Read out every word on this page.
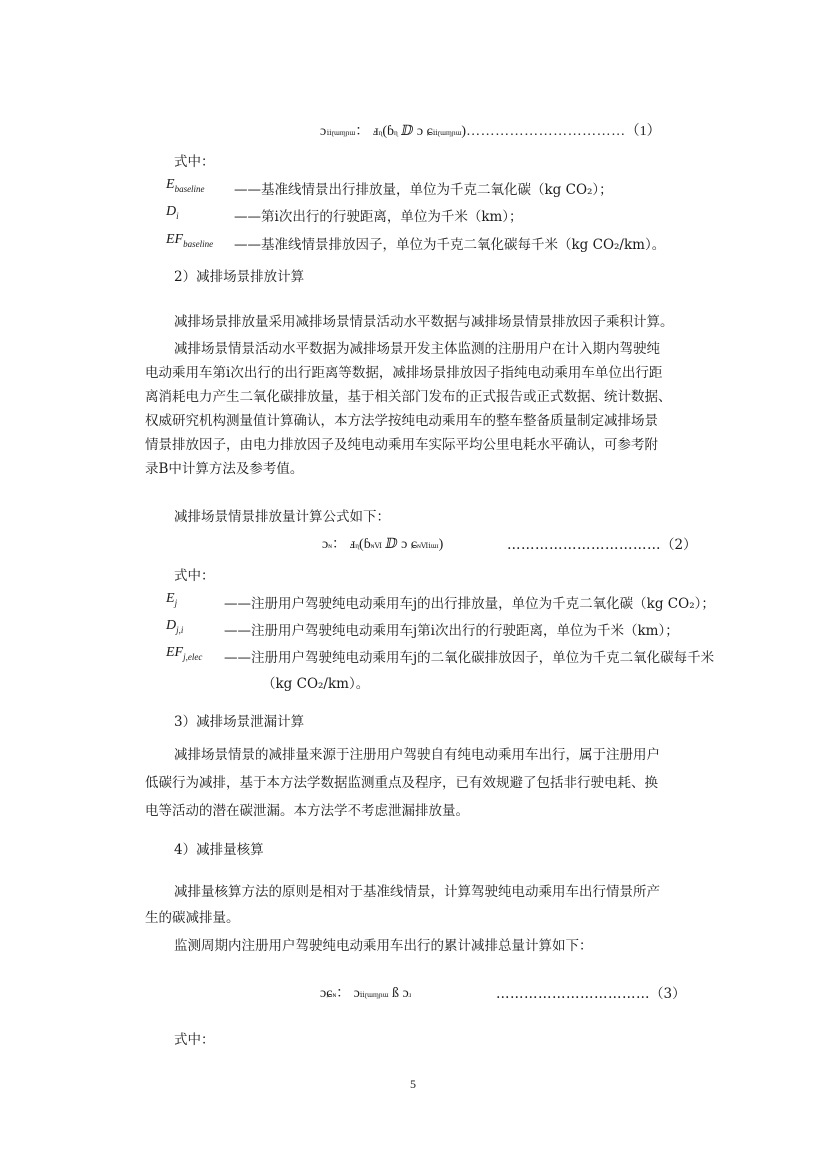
ɔⅰⅰɽɯɱɲɯ： ⅎɳ(ɓɳ ⅅ ɔ ɕⅰⅰɽɯɱɲɯ)……………………………（1）
式中：
$E_{baseline}$ ——基准线情景出行排放量，单位为千克二氧化碳（kg CO₂）；
$D_i$	——第i次出行的行驶距离，单位为千米（km）；
$EF_{baseline}$ ——基准线情景排放因子，单位为千克二氧化碳每千米（kg CO₂/km）。
2）减排场景排放计算
减排场景排放量采用减排场景情景活动水平数据与减排场景情景排放因子乘积计算。
减排场景情景活动水平数据为减排场景开发主体监测的注册用户在计入期内驾驶纯
电动乘用车第i次出行的出行距离等数据，减排场景排放因子指纯电动乘用车单位出行距
离消耗电力产生二氧化碳排放量，基于相关部门发布的正式报告或正式数据、统计数据、
权威研究机构测量值计算确认，本方法学按纯电动乘用车的整车整备质量制定减排场景
情景排放因子，由电力排放因子及纯电动乘用车实际平均公里电耗水平确认，可参考附
录B中计算方法及参考值。
减排场景情景排放量计算公式如下：
ɔɴ： ⅎɳ(ɓɴⅥ ⅅ ɔ ɕɴⅥⅰɯɪ)	……………………………（2）
式中：
$E_j$	——注册用户驾驶纯电动乘用车j的出行排放量，单位为千克二氧化碳（kg CO₂）；
$D_{j,i}$	——注册用户驾驶纯电动乘用车j第i次出行的行驶距离，单位为千米（km）；
$EF_{j,elec}$ ——注册用户驾驶纯电动乘用车j的二氧化碳排放因子，单位为千克二氧化碳每千米
（kg CO₂/km）。
3）减排场景泄漏计算
减排场景情景的减排量来源于注册用户驾驶自有纯电动乘用车出行，属于注册用户
低碳行为减排，基于本方法学数据监测重点及程序，已有效规避了包括非行驶电耗、换
电等活动的潜在碳泄漏。本方法学不考虑泄漏排放量。
4）减排量核算
减排量核算方法的原则是相对于基准线情景，计算驾驶纯电动乘用车出行情景所产
生的碳减排量。
监测周期内注册用户驾驶纯电动乘用车出行的累计减排总量计算如下：
ɔɕɴ： ɔⅰⅰɽɯɱɲɯ ß ɔɹ	……………………………（3）
式中：
5
